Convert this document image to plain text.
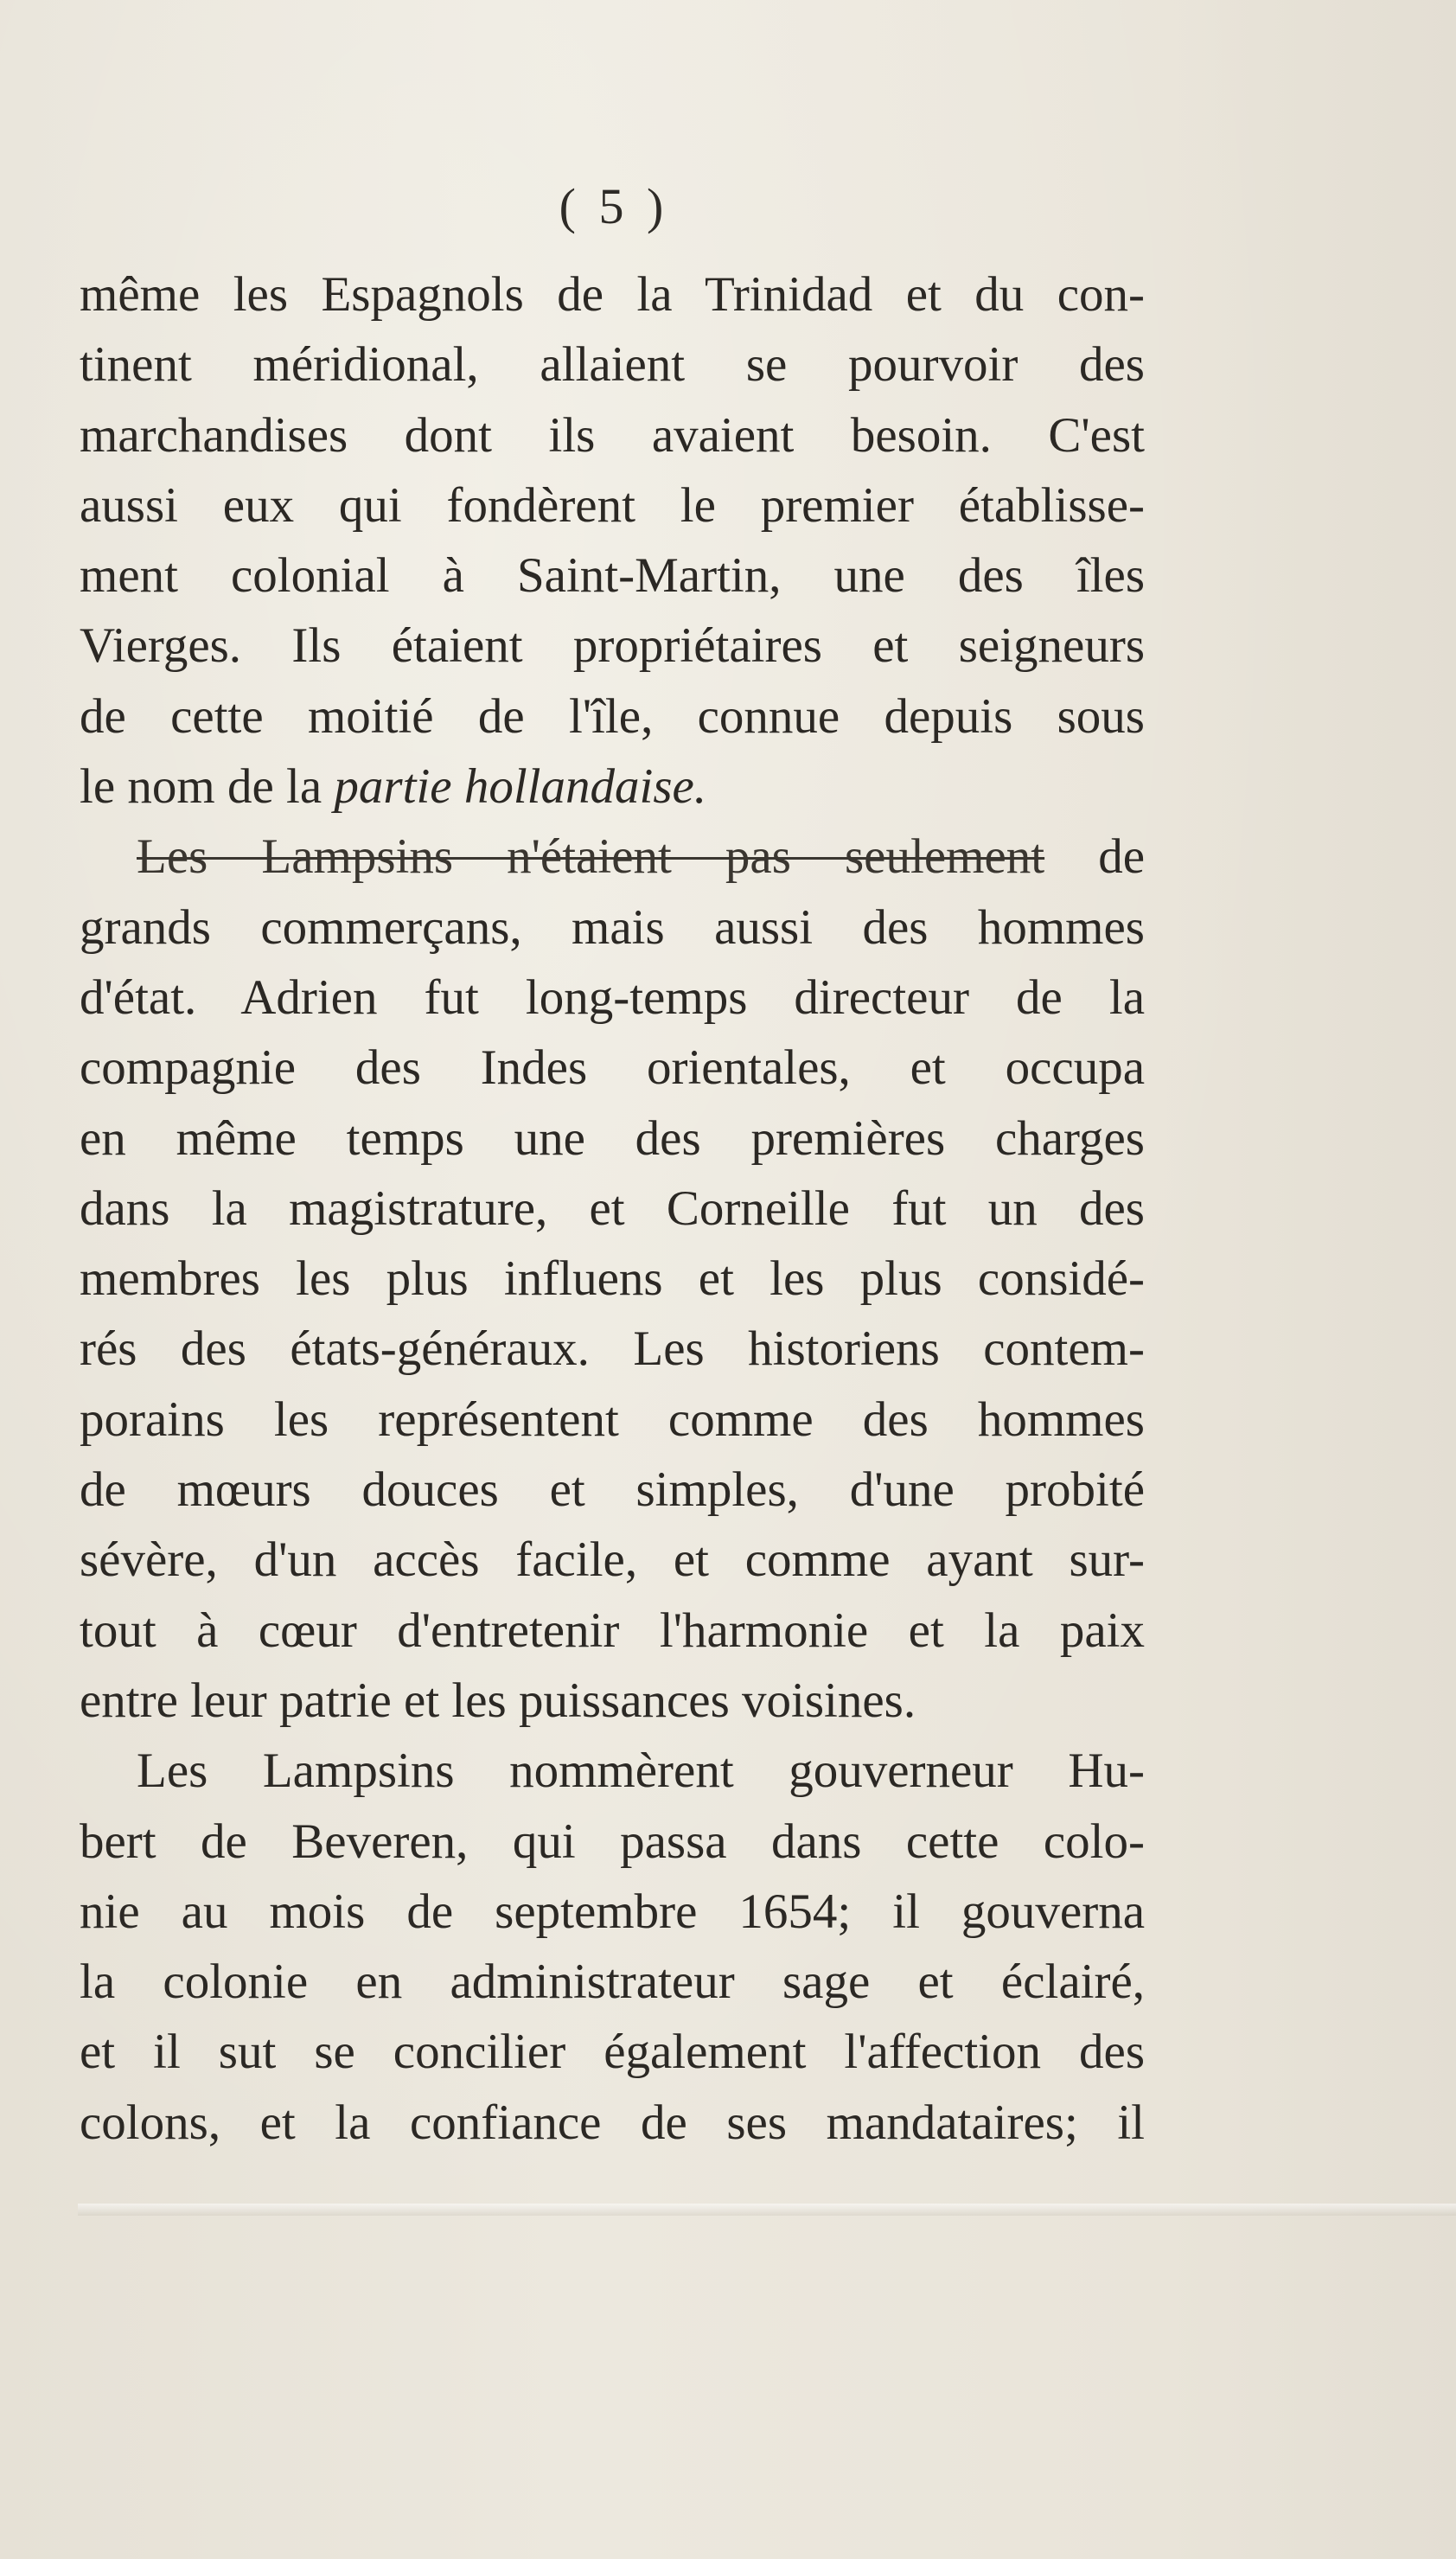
( 5 )
même les Espagnols de la Trinidad et du con-
tinent méridional, allaient se pourvoir des
marchandises dont ils avaient besoin. C'est
aussi eux qui fondèrent le premier établisse-
ment colonial à Saint-Martin, une des îles
Vierges. Ils étaient propriétaires et seigneurs
de cette moitié de l'île, connue depuis sous
le nom de la partie hollandaise.
Les Lampsins n'étaient pas seulement de
grands commerçans, mais aussi des hommes
d'état. Adrien fut long-temps directeur de la
compagnie des Indes orientales, et occupa
en même temps une des premières charges
dans la magistrature, et Corneille fut un des
membres les plus influens et les plus considé-
rés des états-généraux. Les historiens contem-
porains les représentent comme des hommes
de mœurs douces et simples, d'une probité
sévère, d'un accès facile, et comme ayant sur-
tout à cœur d'entretenir l'harmonie et la paix
entre leur patrie et les puissances voisines.
Les Lampsins nommèrent gouverneur Hu-
bert de Beveren, qui passa dans cette colo-
nie au mois de septembre 1654; il gouverna
la colonie en administrateur sage et éclairé,
et il sut se concilier également l'affection des
colons, et la confiance de ses mandataires; il
